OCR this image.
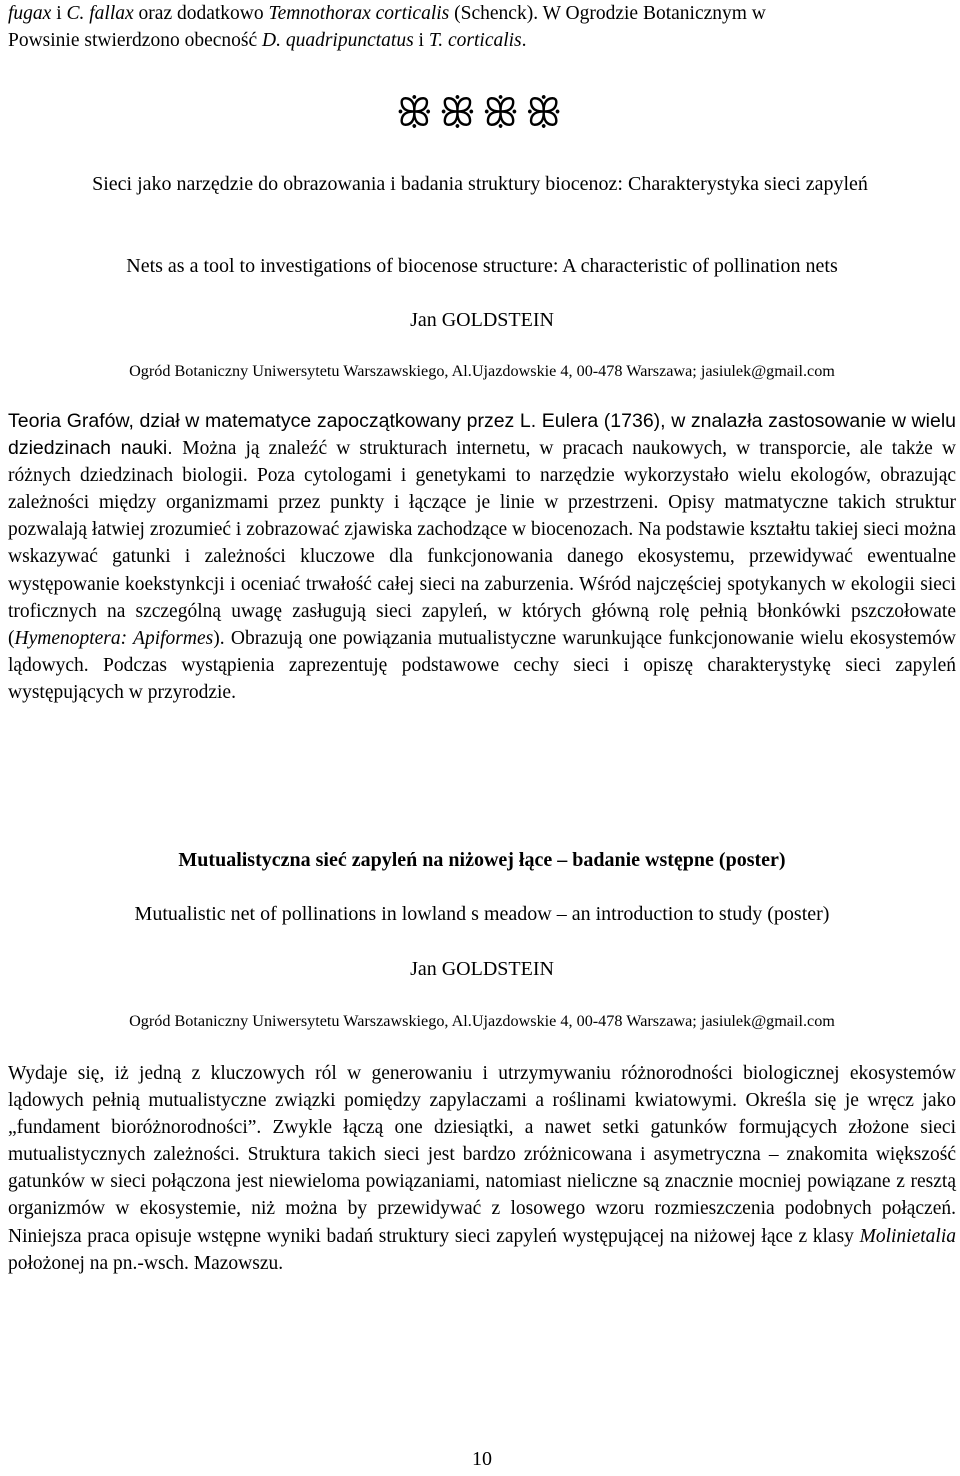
fugax i C. fallax oraz dodatkowo Temnothorax corticalis (Schenck). W Ogrodzie Botanicznym w
Powsinie stwierdzono obecność D. quadripunctatus i T. corticalis.
ꕥꕥꕥꕥ
Sieci jako narzędzie do obrazowania i badania struktury biocenoz: Charakterystyka sieci zapyleń
Nets as a tool to investigations of biocenose structure: A characteristic of pollination nets
Jan GOLDSTEIN
Ogród Botaniczny Uniwersytetu Warszawskiego, Al.Ujazdowskie 4, 00-478 Warszawa; jasiulek@gmail.com
Teoria Grafów, dział w matematyce zapoczątkowany przez L. Eulera (1736), w znalazła zastosowanie w wielu dziedzinach nauki. Można ją znaleźć w strukturach internetu, w pracach naukowych, w transporcie, ale także w różnych dziedzinach biologii. Poza cytologami i genetykami to narzędzie wykorzystało wielu ekologów, obrazując zależności między organizmami przez punkty i łączące je linie w przestrzeni. Opisy matmatyczne takich struktur pozwalają łatwiej zrozumieć i zobrazować zjawiska zachodzące w biocenozach. Na podstawie kształtu takiej sieci można wskazywać gatunki i zależności kluczowe dla funkcjonowania danego ekosystemu, przewidywać ewentualne występowanie koekstynkcji i oceniać trwałość całej sieci na zaburzenia. Wśród najczęściej spotykanych w ekologii sieci troficznych na szczególną uwagę zasługują sieci zapyleń, w których główną rolę pełnią błonkówki pszczołowate (Hymenoptera: Apiformes). Obrazują one powiązania mutualistyczne warunkujące funkcjonowanie wielu ekosystemów lądowych. Podczas wystąpienia zaprezentuję podstawowe cechy sieci i opiszę charakterystykę sieci zapyleń występujących w przyrodzie.
Mutualistyczna sieć zapyleń na niżowej łące – badanie wstępne (poster)
Mutualistic net of pollinations in lowland s meadow – an introduction to study (poster)
Jan GOLDSTEIN
Ogród Botaniczny Uniwersytetu Warszawskiego, Al.Ujazdowskie 4, 00-478 Warszawa; jasiulek@gmail.com
Wydaje się, iż jedną z kluczowych ról w generowaniu i utrzymywaniu różnorodności biologicznej ekosystemów lądowych pełnią mutualistyczne związki pomiędzy zapylaczami a roślinami kwiatowymi. Określa się je wręcz jako „fundament bioróżnorodności”. Zwykle łączą one dziesiątki, a nawet setki gatunków formujących złożone sieci mutualistycznych zależności. Struktura takich sieci jest bardzo zróżnicowana i asymetryczna – znakomita większość gatunków w sieci połączona jest niewieloma powiązaniami, natomiast nieliczne są znacznie mocniej powiązane z resztą organizmów w ekosystemie, niż można by przewidywać z losowego wzoru rozmieszczenia podobnych połączeń. Niniejsza praca opisuje wstępne wyniki badań struktury sieci zapyleń występującej na niżowej łące z klasy Molinietalia położonej na pn.-wsch. Mazowszu.
10
